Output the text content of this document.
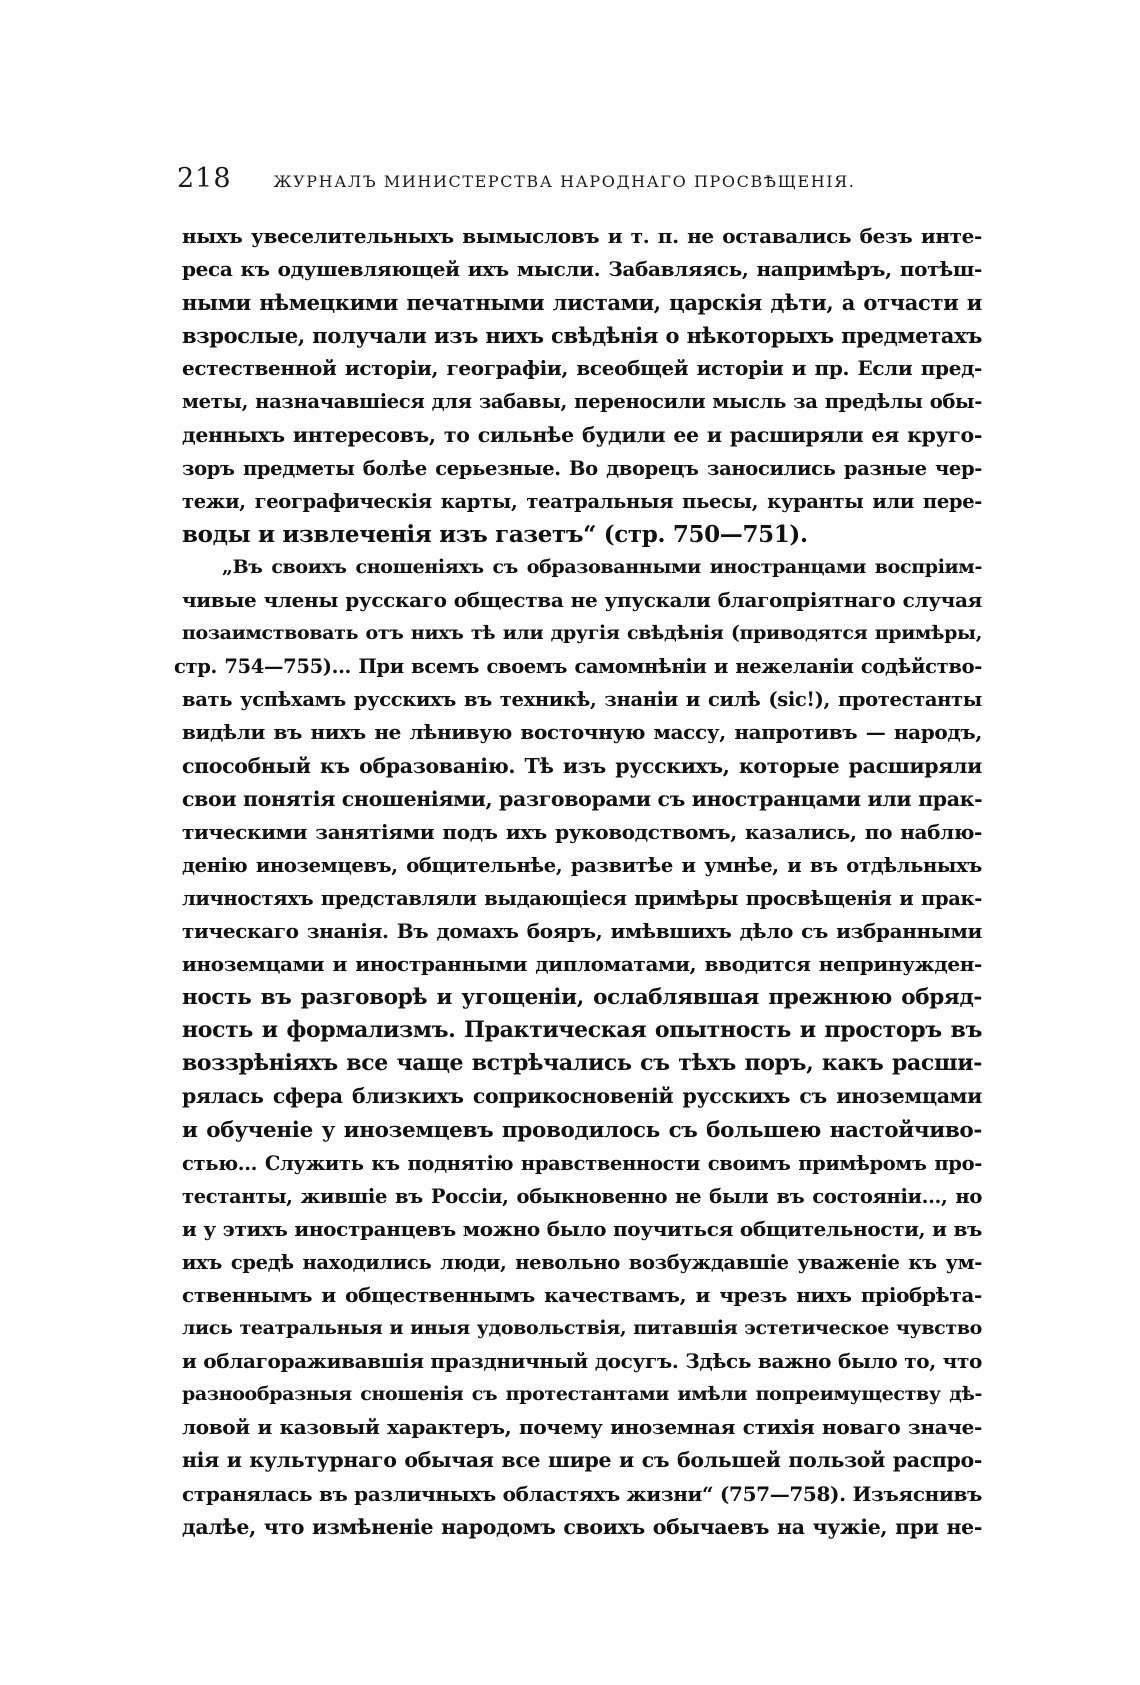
218	ЖУРНАЛЪ МИНИСТЕРСТВА НАРОДНАГО ПРОСВѢЩЕНІЯ.
ныхъ увеселительныхъ вымысловъ и т. п. не оставались безъ инте-
реса къ одушевляющей ихъ мысли. Забавляясь, напримѣръ, потѣш-
ными нѣмецкими печатными листами, царскія дѣти, а отчасти и
взрослые, получали изъ нихъ свѣдѣнія о нѣкоторыхъ предметахъ
естественной исторіи, географіи, всеобщей исторіи и пр. Если пред-
меты, назначавшіеся для забавы, переносили мысль за предѣлы обы-
денныхъ интересовъ, то сильнѣе будили ее и расширяли ея круго-
зоръ предметы болѣе серьезные. Во дворецъ заносились разные чер-
тежи, географическія карты, театральныя пьесы, куранты или пере-
воды и извлеченія изъ газетъ“ (стр. 750—751).
„Въ своихъ сношеніяхъ съ образованными иностранцами воспріим-
чивые члены русскаго общества не упускали благопріятнаго случая
позаимствовать отъ нихъ тѣ или другія свѣдѣнія (приводятся примѣры,
стр. 754—755)... При всемъ своемъ самомнѣніи и нежеланіи содѣйство-
вать успѣхамъ русскихъ въ техникѣ, знаніи и силѣ (sic!), протестанты
видѣли въ нихъ не лѣнивую восточную массу, напротивъ — народъ,
способный къ образованію. Тѣ изъ русскихъ, которые расширяли
свои понятія сношеніями, разговорами съ иностранцами или прак-
тическими занятіями подъ ихъ руководствомъ, казались, по наблю-
денію иноземцевъ, общительнѣе, развитѣе и умнѣе, и въ отдѣльныхъ
личностяхъ представляли выдающіеся примѣры просвѣщенія и прак-
тическаго знанія. Въ домахъ бояръ, имѣвшихъ дѣло съ избранными
иноземцами и иностранными дипломатами, вводится непринужден-
ность въ разговорѣ и угощеніи, ослаблявшая прежнюю обряд-
ность и формализмъ. Практическая опытность и просторъ въ
воззрѣніяхъ все чаще встрѣчались съ тѣхъ поръ, какъ расши-
рялась сфера близкихъ соприкосновеній русскихъ съ иноземцами
и обученіе у иноземцевъ проводилось съ большею настойчиво-
стью... Служить къ поднятію нравственности своимъ примѣромъ про-
тестанты, жившіе въ Россіи, обыкновенно не были въ состояніи..., но
и у этихъ иностранцевъ можно было поучиться общительности, и въ
ихъ средѣ находились люди, невольно возбуждавшіе уваженіе къ ум-
ственнымъ и общественнымъ качествамъ, и чрезъ нихъ пріобрѣта-
лись театральныя и иныя удовольствія, питавшія эстетическое чувство
и облагораживавшія праздничный досугъ. Здѣсь важно было то, что
разнообразныя сношенія съ протестантами имѣли попреимуществу дѣ-
ловой и казовый характеръ, почему иноземная стихія новаго значе-
нія и культурнаго обычая все шире и съ большей пользой распро-
странялась въ различныхъ областяхъ жизни“ (757—758). Изъяснивъ
далѣе, что измѣненіе народомъ своихъ обычаевъ на чужіе, при не-
